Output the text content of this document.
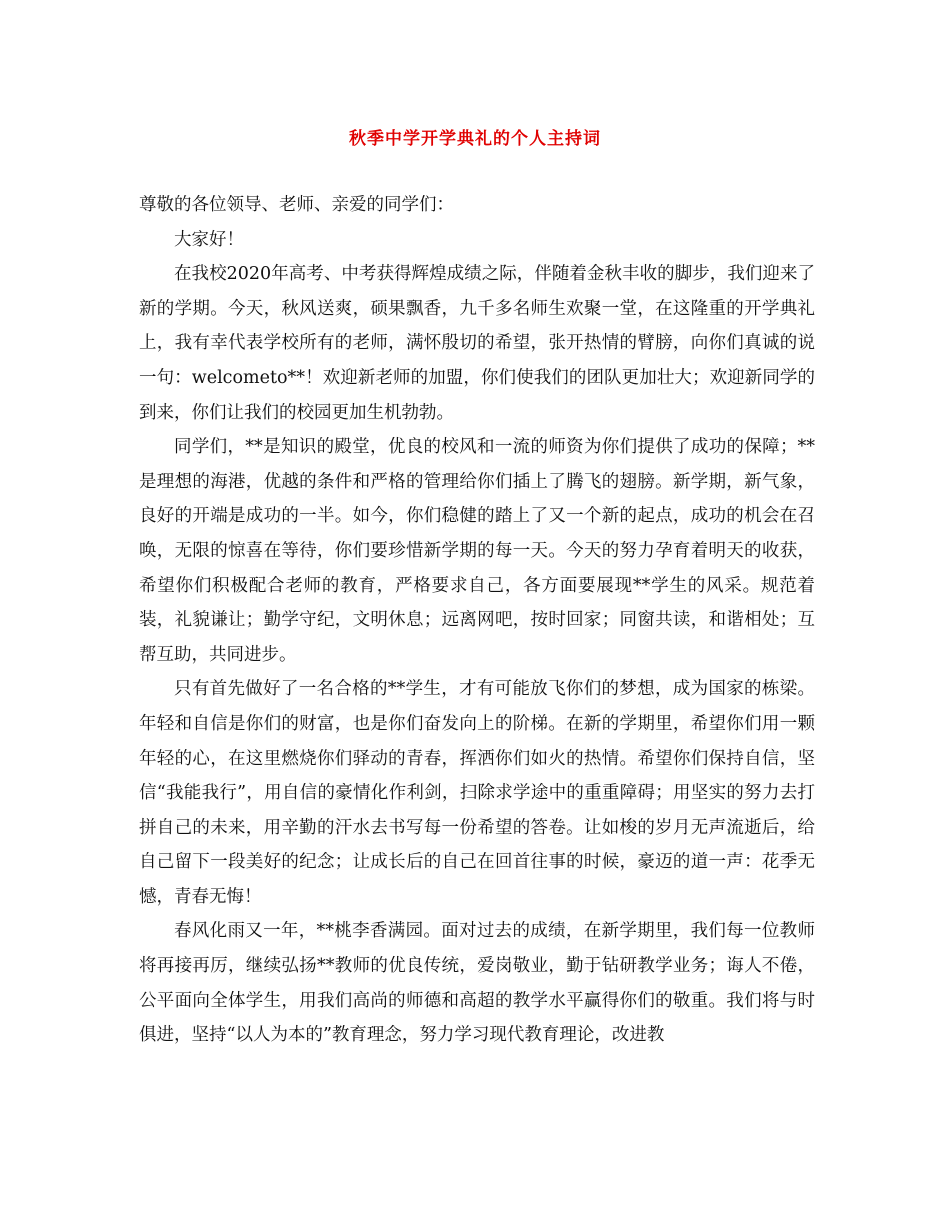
秋季中学开学典礼的个人主持词

尊敬的各位领导、老师、亲爱的同学们：

大家好！

在我校2020年高考、中考获得辉煌成绩之际，伴随着金秋丰收的脚步，我们迎来了新的学期。今天，秋风送爽，硕果飘香，九千多名师生欢聚一堂，在这隆重的开学典礼上，我有幸代表学校所有的老师，满怀殷切的希望，张开热情的臂膀，向你们真诚的说一句：welcometo**！欢迎新老师的加盟，你们使我们的团队更加壮大；欢迎新同学的到来，你们让我们的校园更加生机勃勃。

同学们，**是知识的殿堂，优良的校风和一流的师资为你们提供了成功的保障；**是理想的海港，优越的条件和严格的管理给你们插上了腾飞的翅膀。新学期，新气象，良好的开端是成功的一半。如今，你们稳健的踏上了又一个新的起点，成功的机会在召唤，无限的惊喜在等待，你们要珍惜新学期的每一天。今天的努力孕育着明天的收获，希望你们积极配合老师的教育，严格要求自己，各方面要展现**学生的风采。规范着装，礼貌谦让；勤学守纪，文明休息；远离网吧，按时回家；同窗共读，和谐相处；互帮互助，共同进步。

只有首先做好了一名合格的**学生，才有可能放飞你们的梦想，成为国家的栋梁。年轻和自信是你们的财富，也是你们奋发向上的阶梯。在新的学期里，希望你们用一颗年轻的心，在这里燃烧你们驿动的青春，挥洒你们如火的热情。希望你们保持自信，坚信“我能我行”，用自信的豪情化作利剑，扫除求学途中的重重障碍；用坚实的努力去打拼自己的未来，用辛勤的汗水去书写每一份希望的答卷。让如梭的岁月无声流逝后，给自己留下一段美好的纪念；让成长后的自己在回首往事的时候，豪迈的道一声：花季无憾，青春无悔！

春风化雨又一年，**桃李香满园。面对过去的成绩，在新学期里，我们每一位教师将再接再厉，继续弘扬**教师的优良传统，爱岗敬业，勤于钻研教学业务；诲人不倦，公平面向全体学生，用我们高尚的师德和高超的教学水平赢得你们的敬重。我们将与时俱进，坚持“以人为本的”教育理念，努力学习现代教育理论，改进教
